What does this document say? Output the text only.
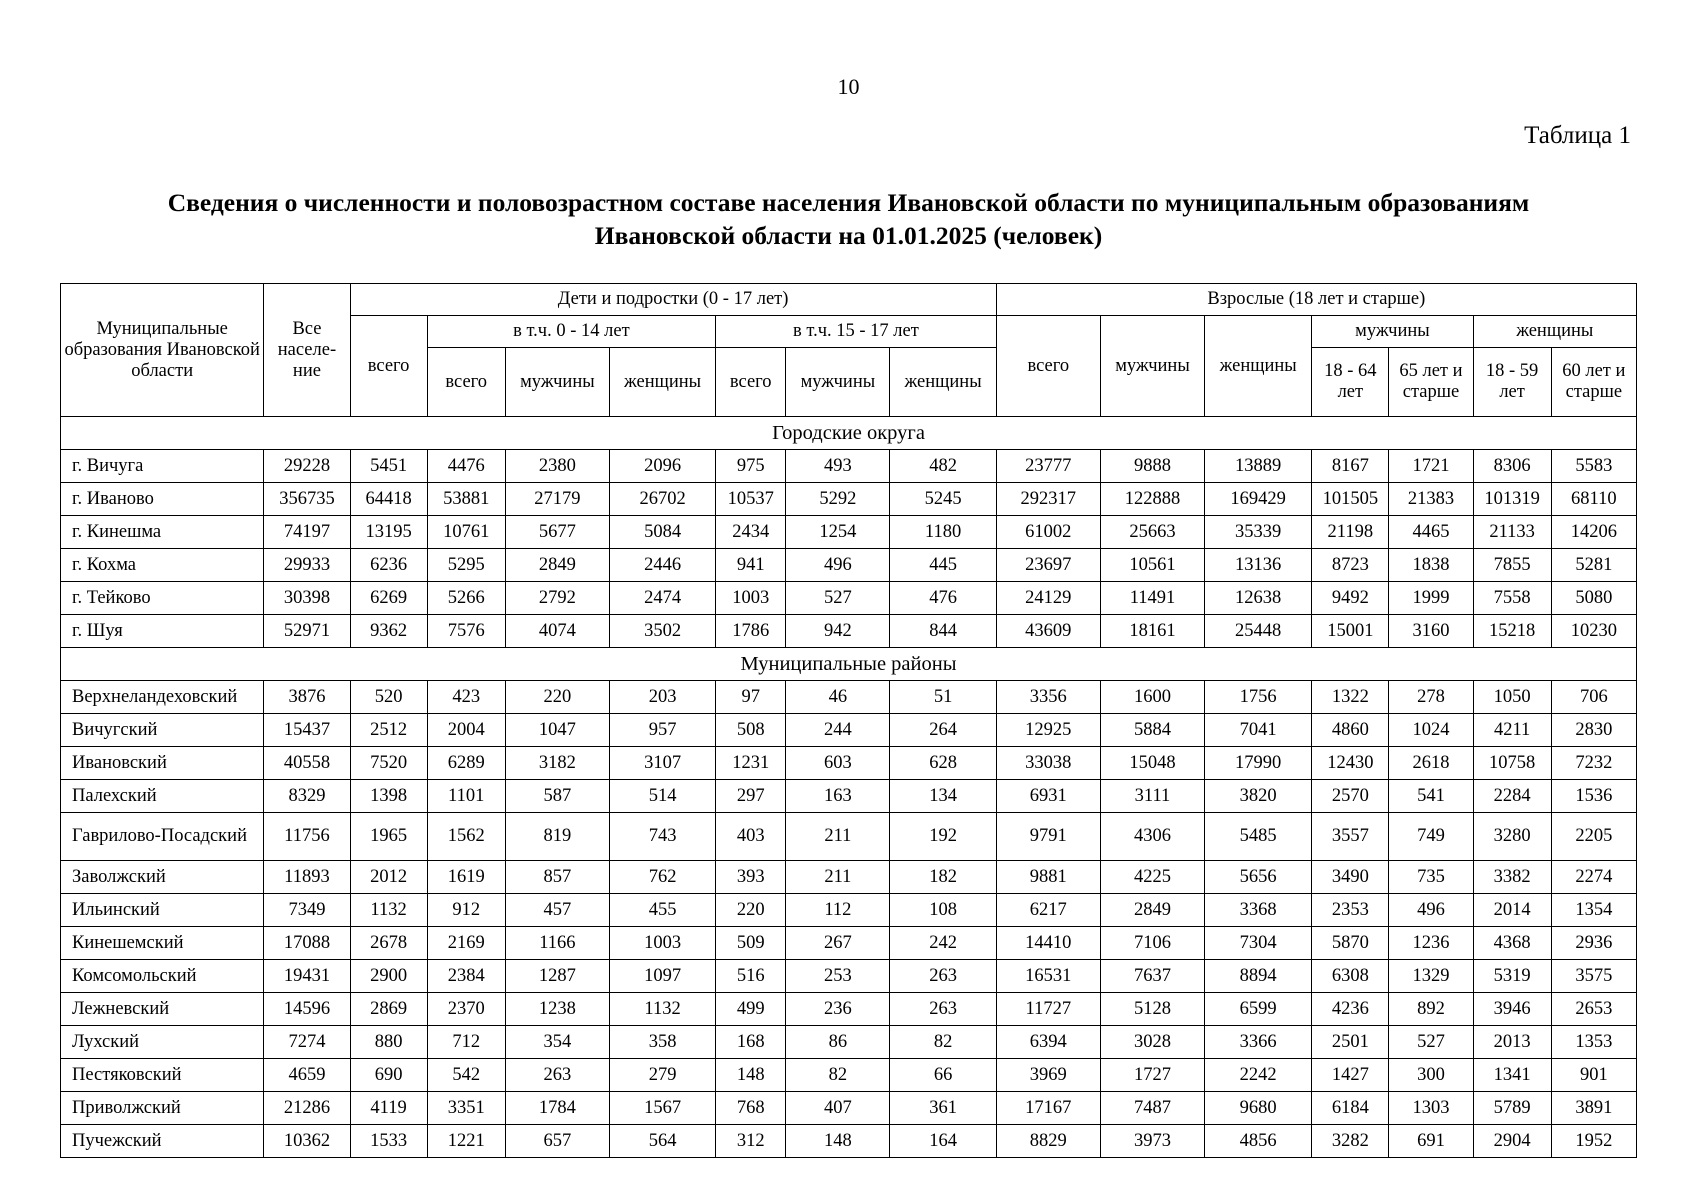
10
Таблица 1
Сведения о численности и половозрастном составе населения Ивановской области по муниципальным образованиям
Ивановской области на 01.01.2025 (человек)
Муниципальные образования Ивановской области	Все населе-ние	Дети и подростки (0 - 17 лет)							Взрослые (18 лет и старше)						
		всего	в т.ч. 0 - 14 лет			в т.ч. 15 - 17 лет			всего	мужчины	женщины	мужчины		женщины	
			всего	мужчины	женщины	всего	мужчины	женщины				18 - 64 лет	65 лет и старше	18 - 59 лет	60 лет и старше
Городские округа															
г. Вичуга	29228	5451	4476	2380	2096	975	493	482	23777	9888	13889	8167	1721	8306	5583
г. Иваново	356735	64418	53881	27179	26702	10537	5292	5245	292317	122888	169429	101505	21383	101319	68110
г. Кинешма	74197	13195	10761	5677	5084	2434	1254	1180	61002	25663	35339	21198	4465	21133	14206
г. Кохма	29933	6236	5295	2849	2446	941	496	445	23697	10561	13136	8723	1838	7855	5281
г. Тейково	30398	6269	5266	2792	2474	1003	527	476	24129	11491	12638	9492	1999	7558	5080
г. Шуя	52971	9362	7576	4074	3502	1786	942	844	43609	18161	25448	15001	3160	15218	10230
Муниципальные районы															
Верхнеландеховский	3876	520	423	220	203	97	46	51	3356	1600	1756	1322	278	1050	706
Вичугский	15437	2512	2004	1047	957	508	244	264	12925	5884	7041	4860	1024	4211	2830
Ивановский	40558	7520	6289	3182	3107	1231	603	628	33038	15048	17990	12430	2618	10758	7232
Палехский	8329	1398	1101	587	514	297	163	134	6931	3111	3820	2570	541	2284	1536
Гаврилово-Посадский	11756	1965	1562	819	743	403	211	192	9791	4306	5485	3557	749	3280	2205
Заволжский	11893	2012	1619	857	762	393	211	182	9881	4225	5656	3490	735	3382	2274
Ильинский	7349	1132	912	457	455	220	112	108	6217	2849	3368	2353	496	2014	1354
Кинешемский	17088	2678	2169	1166	1003	509	267	242	14410	7106	7304	5870	1236	4368	2936
Комсомольский	19431	2900	2384	1287	1097	516	253	263	16531	7637	8894	6308	1329	5319	3575
Лежневский	14596	2869	2370	1238	1132	499	236	263	11727	5128	6599	4236	892	3946	2653
Лухский	7274	880	712	354	358	168	86	82	6394	3028	3366	2501	527	2013	1353
Пестяковский	4659	690	542	263	279	148	82	66	3969	1727	2242	1427	300	1341	901
Приволжский	21286	4119	3351	1784	1567	768	407	361	17167	7487	9680	6184	1303	5789	3891
Пучежский	10362	1533	1221	657	564	312	148	164	8829	3973	4856	3282	691	2904	1952
